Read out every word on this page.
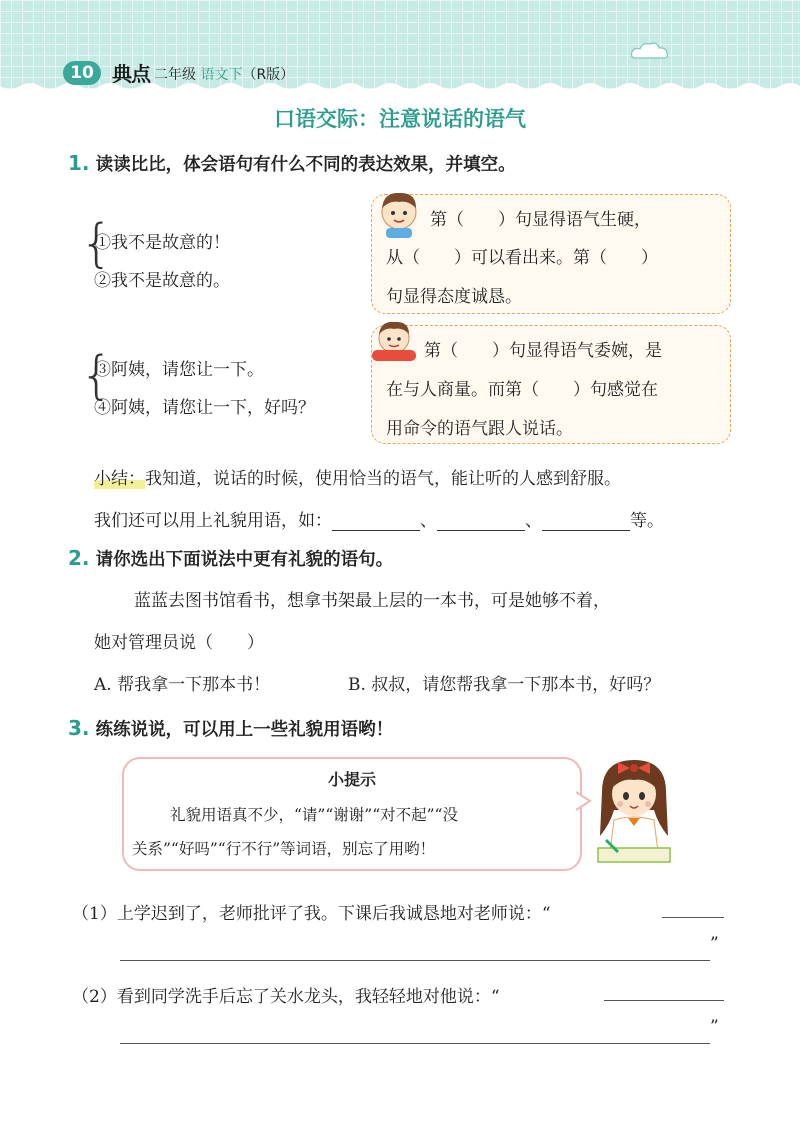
10 典点 二年级 语文下（R版）
口语交际：注意说话的语气
1. 读读比比，体会语句有什么不同的表达效果，并填空。
{
①我不是故意的！
②我不是故意的。
第（　　）句显得语气生硬，
从（　　）可以看出来。第（　　）
句显得态度诚恳。
{
③阿姨，请您让一下。
④阿姨，请您让一下，好吗？
第（　　）句显得语气委婉，是
在与人商量。而第（　　）句感觉在
用命令的语气跟人说话。
小结：我知道，说话的时候，使用恰当的语气，能让听的人感到舒服。
我们还可以用上礼貌用语，如：	、	、	等。
2. 请你选出下面说法中更有礼貌的语句。
蓝蓝去图书馆看书，想拿书架最上层的一本书，可是她够不着，
她对管理员说（　　）
A. 帮我拿一下那本书！	B. 叔叔，请您帮我拿一下那本书，好吗？
3. 练练说说，可以用上一些礼貌用语哟！
小提示
礼貌用语真不少，“请”“谢谢”“对不起”“没
关系”“好吗”“行不行”等词语，别忘了用哟！
（1）上学迟到了，老师批评了我。下课后我诚恳地对老师说：“
”
（2）看到同学洗手后忘了关水龙头，我轻轻地对他说：“
”
